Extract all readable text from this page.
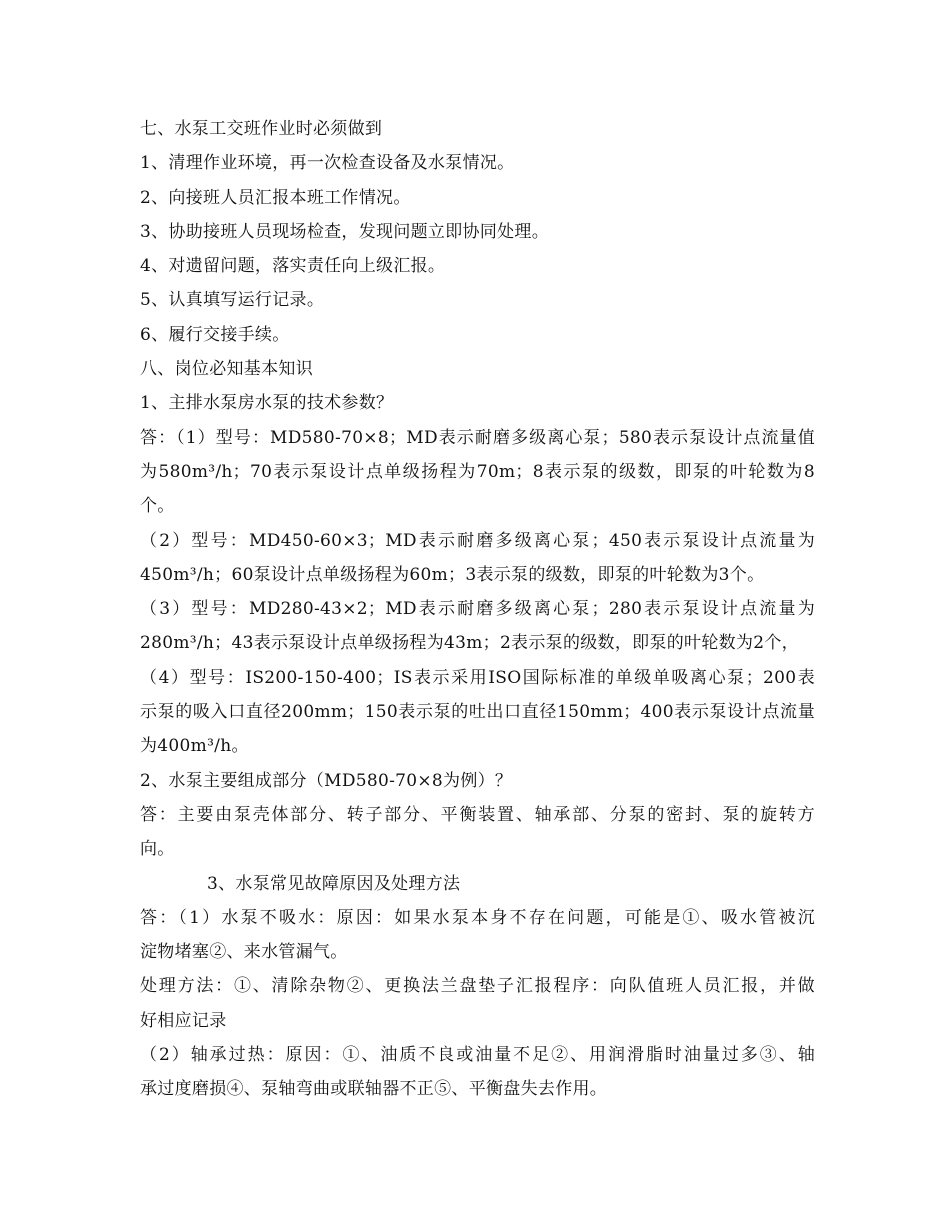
七、水泵工交班作业时必须做到
1、清理作业环境，再一次检查设备及水泵情况。
2、向接班人员汇报本班工作情况。
3、协助接班人员现场检查，发现问题立即协同处理。
4、对遗留问题，落实责任向上级汇报。
5、认真填写运行记录。
6、履行交接手续。
八、岗位必知基本知识
1、主排水泵房水泵的技术参数？
答：（1）型号：MD580-70×8；MD表示耐磨多级离心泵；580表示泵设计点流量值
为580m³/h；70表示泵设计点单级扬程为70m；8表示泵的级数，即泵的叶轮数为8
个。
（2）型号：MD450-60×3；MD表示耐磨多级离心泵；450表示泵设计点流量为
450m³/h；60泵设计点单级扬程为60m；3表示泵的级数，即泵的叶轮数为3个。
（3）型号：MD280-43×2；MD表示耐磨多级离心泵；280表示泵设计点流量为
280m³/h；43表示泵设计点单级扬程为43m；2表示泵的级数，即泵的叶轮数为2个，
（4）型号：IS200-150-400；IS表示采用ISO国际标准的单级单吸离心泵；200表
示泵的吸入口直径200mm；150表示泵的吐出口直径150mm；400表示泵设计点流量
为400m³/h。
2、水泵主要组成部分（MD580-70×8为例）？
答：主要由泵壳体部分、转子部分、平衡装置、轴承部、分泵的密封、泵的旋转方
向。
3、水泵常见故障原因及处理方法
答：（1）水泵不吸水：原因：如果水泵本身不存在问题，可能是①、吸水管被沉
淀物堵塞②、来水管漏气。
处理方法：①、清除杂物②、更换法兰盘垫子汇报程序：向队值班人员汇报，并做
好相应记录
（2）轴承过热：原因：①、油质不良或油量不足②、用润滑脂时油量过多③、轴
承过度磨损④、泵轴弯曲或联轴器不正⑤、平衡盘失去作用。
